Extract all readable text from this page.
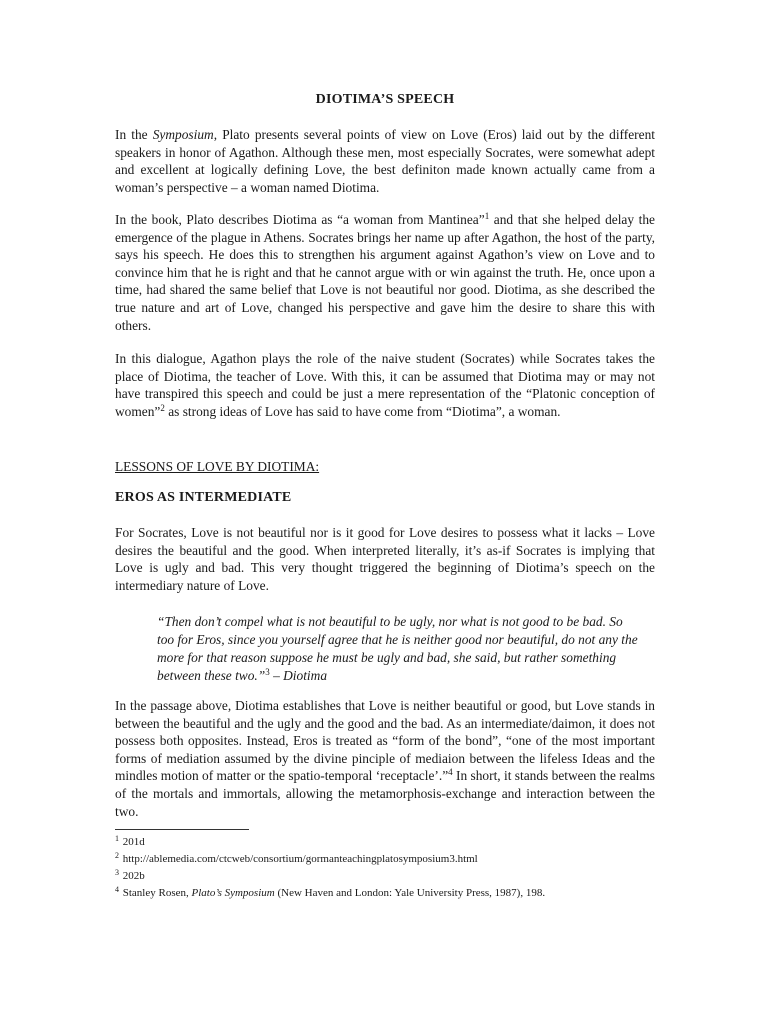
DIOTIMA’S SPEECH

In the Symposium, Plato presents several points of view on Love (Eros) laid out by the different speakers in honor of Agathon. Although these men, most especially Socrates, were somewhat adept and excellent at logically defining Love, the best definiton made known actually came from a woman’s perspective – a woman named Diotima.

In the book, Plato describes Diotima as “a woman from Mantinea”$^1$ and that she helped delay the emergence of the plague in Athens. Socrates brings her name up after Agathon, the host of the party, says his speech. He does this to strengthen his argument against Agathon’s view on Love and to convince him that he is right and that he cannot argue with or win against the truth. He, once upon a time, had shared the same belief that Love is not beautiful nor good. Diotima, as she described the true nature and art of Love, changed his perspective and gave him the desire to share this with others.

In this dialogue, Agathon plays the role of the naive student (Socrates) while Socrates takes the place of Diotima, the teacher of Love. With this, it can be assumed that Diotima may or may not have transpired this speech and could be just a mere representation of the “Platonic conception of women”$^2$ as strong ideas of Love has said to have come from “Diotima”, a woman.

LESSONS OF LOVE BY DIOTIMA:

EROS AS INTERMEDIATE

For Socrates, Love is not beautiful nor is it good for Love desires to possess what it lacks – Love desires the beautiful and the good. When interpreted literally, it’s as-if Socrates is implying that Love is ugly and bad. This very thought triggered the beginning of Diotima’s speech on the intermediary nature of Love.

“Then don’t compel what is not beautiful to be ugly, nor what is not good to be bad. So too for Eros, since you yourself agree that he is neither good nor beautiful, do not any the more for that reason suppose he must be ugly and bad, she said, but rather something between these two.”$^3$ – Diotima

In the passage above, Diotima establishes that Love is neither beautiful or good, but Love stands in between the beautiful and the ugly and the good and the bad. As an intermediate/daimon, it does not possess both opposites. Instead, Eros is treated as “form of the bond”, “one of the most important forms of mediation assumed by the divine pinciple of mediaion between the lifeless Ideas and the mindles motion of matter or the spatio-temporal ‘receptacle’.”$^4$ In short, it stands between the realms of the mortals and immortals, allowing the metamorphosis-exchange and interaction between the two.

$^1$ 201d
$^2$ http://ablemedia.com/ctcweb/consortium/gormanteachingplatosymposium3.html
$^3$ 202b
$^4$ Stanley Rosen, Plato’s Symposium (New Haven and London: Yale University Press, 1987), 198.
